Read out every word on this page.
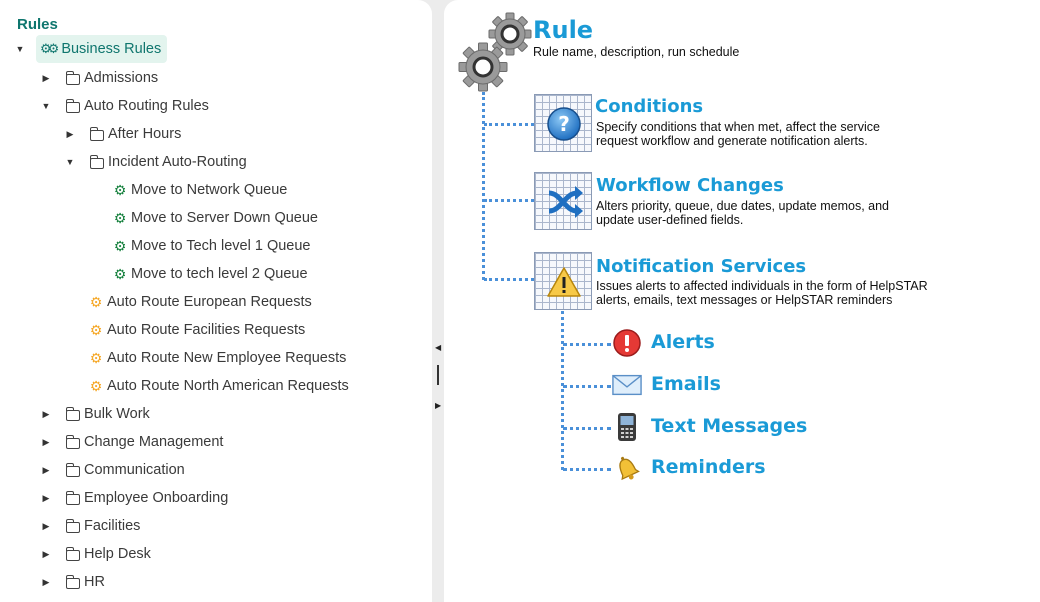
Rules
▼ ⚙⚙ Business Rules
▶ Admissions
▼ Auto Routing Rules
▶ After Hours
▼ Incident Auto-Routing
⚙ Move to Network Queue
⚙ Move to Server Down Queue
⚙ Move to Tech level 1 Queue
⚙ Move to tech level 2 Queue
⚙ Auto Route European Requests
⚙ Auto Route Facilities Requests
⚙ Auto Route New Employee Requests
⚙ Auto Route North American Requests
▶ Bulk Work
▶ Change Management
▶ Communication
▶ Employee Onboarding
▶ Facilities
▶ Help Desk
▶ HR
◀
▶
Rule
Rule name, description, run schedule
?
Conditions
Specify conditions that when met, affect the service
request workflow and generate notification alerts.
Workflow Changes
Alters priority, queue, due dates, update memos, and
update user-defined fields.
Notification Services
Issues alerts to affected individuals in the form of HelpSTAR
alerts, emails, text messages or HelpSTAR reminders
Alerts
Emails
Text Messages
Reminders
